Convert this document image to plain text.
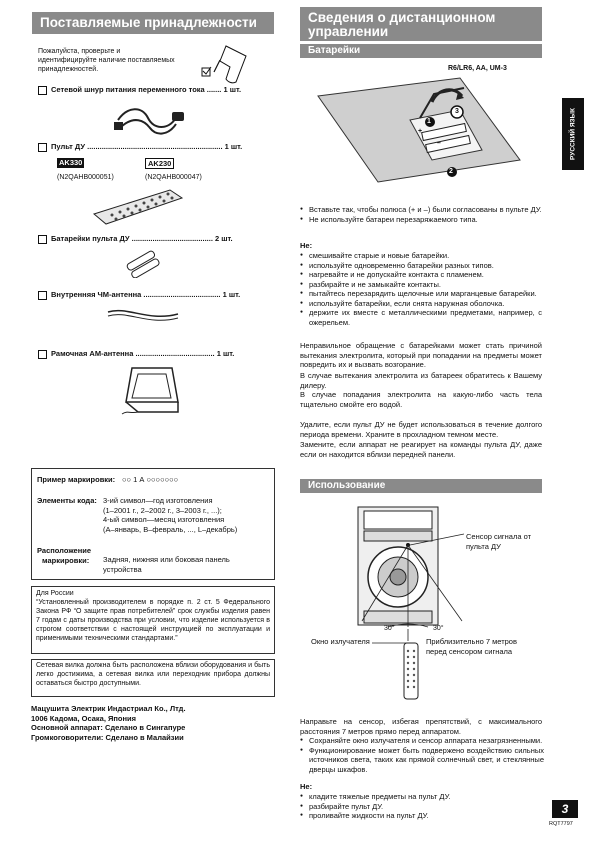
Поставляемые принадлежности
Пожалуйста, проверьте и идентифицируйте наличие поставляемых принадлежностей.
Сетевой шнур питания переменного тока ....... 1 шт.
Пульт ДУ ................................................................. 1 шт.
AK330	AK230
(N2QAHB000051)	(N2QAHB000047)
Батарейки пульта ДУ ....................................... 2 шт.
Внутренняя ЧМ-антенна ..................................... 1 шт.
Рамочная АМ-антенна ...................................... 1 шт.
Пример маркировки: ○○ 1 А ○○○○○○○
Элементы кода: 3-ий символ—год изготовления
(1–2001 г., 2–2002 г., 3–2003 г., ...);
4-ый символ—месяц изготовления
(А–январь, В–февраль, ..., L–декабрь)
Расположение
маркировки: Задняя, нижняя или боковая панель устройства
Для России
“Установленный производителем в порядке п. 2 ст. 5 Федерального Закона РФ “О защите прав потребителей” срок службы изделия равен 7 годам с даты производства при условии, что изделие используется в строгом соответствии с настоящей инструкцией по эксплуатации и применимыми техническими стандартами.”
Сетевая вилка должна быть расположена вблизи оборудования и быть легко достижима, а сетевая вилка или переходник прибора должны оставаться быстро доступными.
Мацушита Электрик Индастриал Ко., Лтд.
1006 Кадома, Осака, Япония
Основной аппарат: Сделано в Сингапуре
Громкоговорители: Сделано в Малайзии
Сведения о дистанционном управлении
Батарейки
R6/LR6, AA, UM-3
1
2
3
+
–
● Вставьте так, чтобы полюса (+ и –) были согласованы в пульте ДУ.
● Не используйте батареи перезаряжаемого типа.
Не:
● смешивайте старые и новые батарейки.
● используйте одновременно батарейки разных типов.
● нагревайте и не допускайте контакта с пламенем.
● разбирайте и не замыкайте контакты.
● пытайтесь перезарядить щелочные или марганцевые батарейки.
● используйте батарейки, если снята наружная оболочка.
● держите их вместе с металлическими предметами, например, с ожерельем.
Неправильное обращение с батарейками может стать причиной вытекания электролита, который при попадании на предметы может повредить их и вызвать возгорание.
В случае вытекания электролита из батареек обратитесь к Вашему дилеру.
В случае попадания электролита на какую-либо часть тела тщательно смойте его водой.
Удалите, если пульт ДУ не будет использоваться в течение долгого периода времени. Храните в прохладном темном месте.
Замените, если аппарат не реагирует на команды пульта ДУ, даже если он находится вблизи передней панели.
Использование
Сенсор сигнала от пульта ДУ
30°	30°
Окно излучателя	Приблизительно 7 метров перед сенсором сигнала
Направьте на сенсор, избегая препятствий, с максимального расстояния 7 метров прямо перед аппаратом.
● Сохраняйте окно излучателя и сенсор аппарата незагрязненными.
● Функционирование может быть подвержено воздействию сильных источников света, таких как прямой солнечный свет, и стеклянные дверцы шкафов.
Не:
● кладите тяжелые предметы на пульт ДУ.
● разбирайте пульт ДУ.
● проливайте жидкости на пульт ДУ.
РУССКИЙ ЯЗЫК
3
RQT7797
